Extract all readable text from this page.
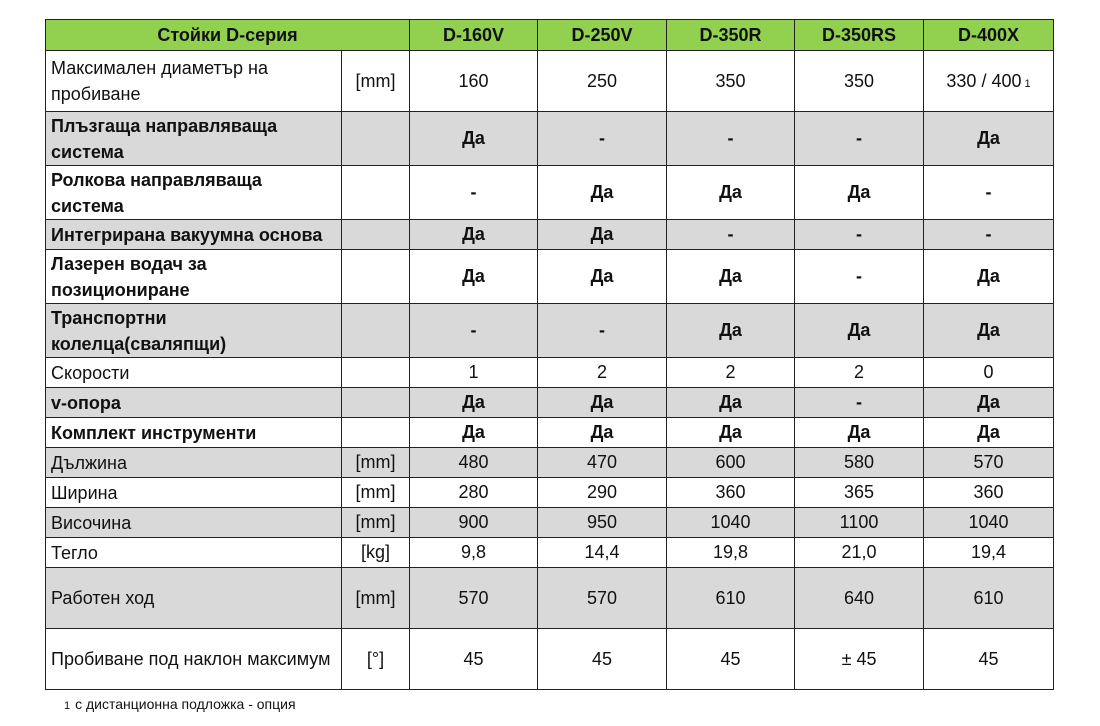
Стойки D-серия		D-160V	D-250V	D-350R	D-350RS	D-400X
Максимален диаметър на пробиване	[mm]	160	250	350	350	330 / 400 1
Плъзгаща направляваща система		Да	-	-	-	Да
Ролкова направляваща система		-	Да	Да	Да	-
Интегрирана вакуумна основа		Да	Да	-	-	-
Лазерен водач за позициониране		Да	Да	Да	-	Да
Транспортни колелца(сваляпщи)		-	-	Да	Да	Да
Скорости		1	2	2	2	0
v-опора		Да	Да	Да	-	Да
Комплект инструменти		Да	Да	Да	Да	Да
Дължина	[mm]	480	470	600	580	570
Ширина	[mm]	280	290	360	365	360
Височина	[mm]	900	950	1040	1100	1040
Тегло	[kg]	9,8	14,4	19,8	21,0	19,4
Работен ход	[mm]	570	570	610	640	610
Пробиване под наклон максимум	[°]	45	45	45	± 45	45
1 с дистанционна подложка - опция
